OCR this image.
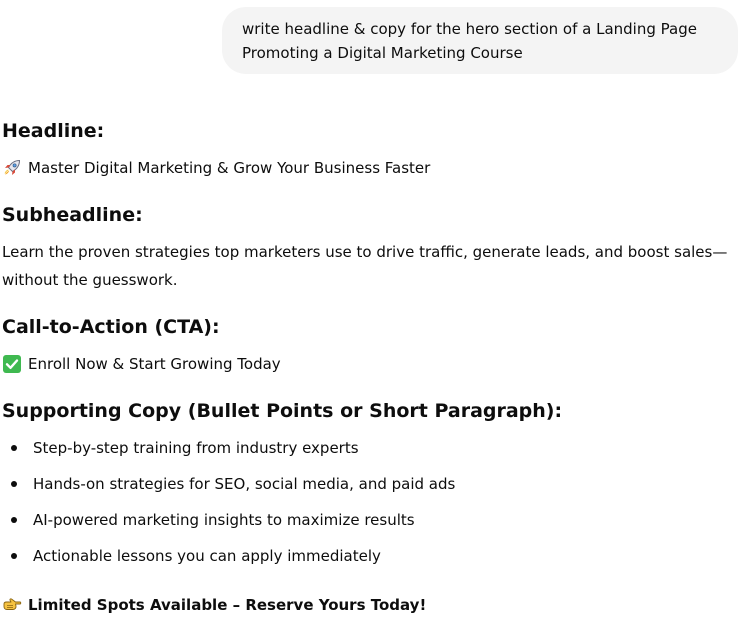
write headline & copy for the hero section of a Landing Page Promoting a Digital Marketing Course
Headline:
Master Digital Marketing & Grow Your Business Faster
Subheadline:

Learn the proven strategies top marketers use to drive traffic, generate leads, and boost sales—without the guesswork.

Call-to-Action (CTA):
Enroll Now & Start Growing Today
Supporting Copy (Bullet Points or Short Paragraph):
Step-by-step training from industry experts
Hands-on strategies for SEO, social media, and paid ads
AI-powered marketing insights to maximize results
Actionable lessons you can apply immediately
Limited Spots Available – Reserve Yours Today!
